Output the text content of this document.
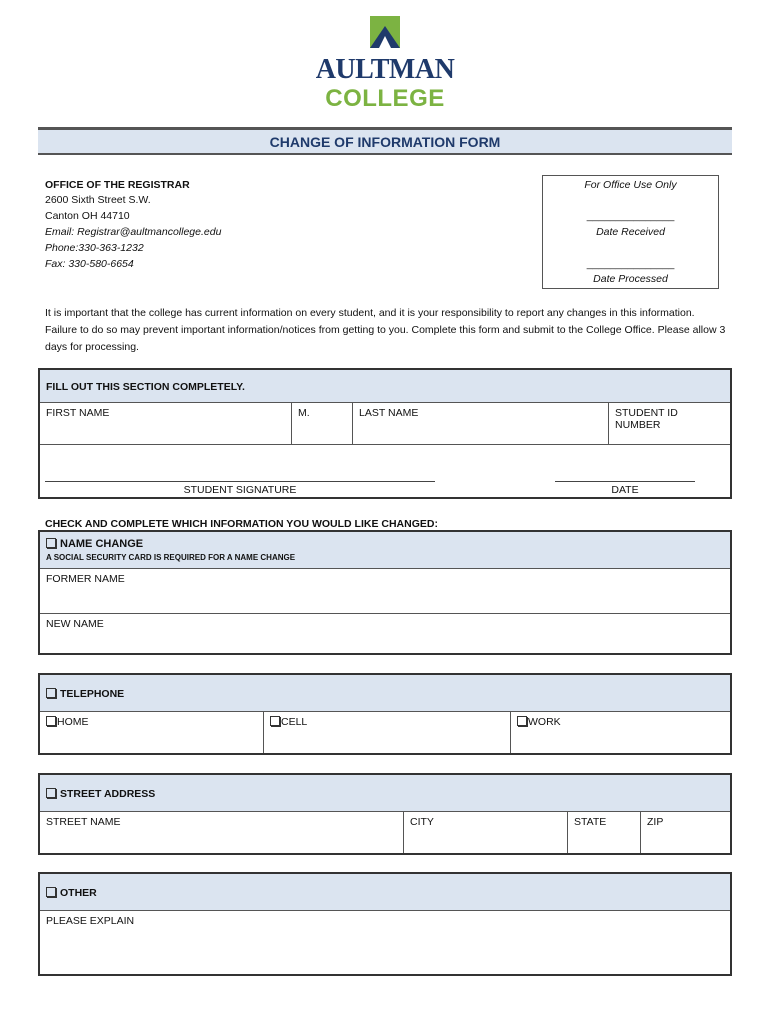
AULTMAN
COLLEGE
CHANGE OF INFORMATION FORM
OFFICE OF THE REGISTRAR
2600 Sixth Street S.W.
Canton OH 44710
Email: Registrar@aultmancollege.edu
Phone:330-363-1232
Fax: 330-580-6654
For Office Use Only
_______________
Date Received
_______________
Date Processed
It is important that the college has current information on every student, and it is your responsibility to report any changes in this information. Failure to do so may prevent important information/notices from getting to you. Complete this form and submit to the College Office. Please allow 3 days for processing.
FILL OUT THIS SECTION COMPLETELY.
FIRST NAME	M.	LAST NAME	STUDENT ID NUMBER
STUDENT SIGNATURE	DATE
CHECK AND COMPLETE WHICH INFORMATION YOU WOULD LIKE CHANGED:
NAME CHANGE
A SOCIAL SECURITY CARD IS REQUIRED FOR A NAME CHANGE
FORMER NAME
NEW NAME
TELEPHONE
HOME	CELL	WORK
STREET ADDRESS
STREET NAME	CITY	STATE	ZIP
OTHER
PLEASE EXPLAIN
